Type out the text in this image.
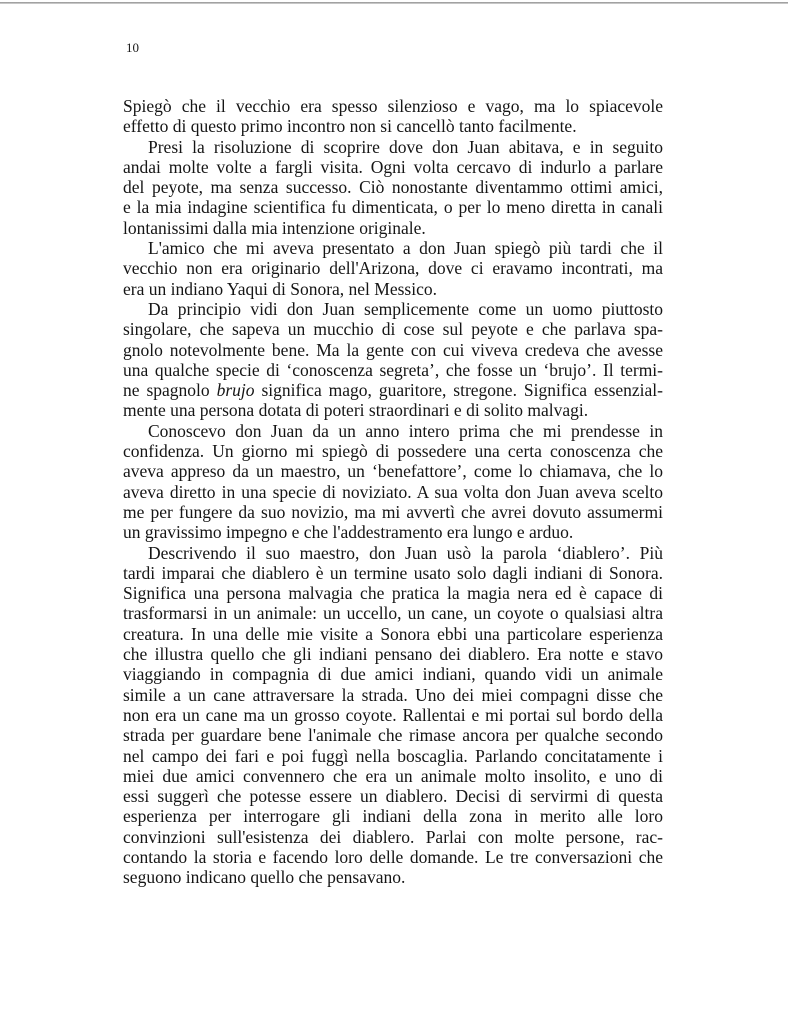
10
Spiegò che il vecchio era spesso silenzioso e vago, ma lo spiacevole
effetto di questo primo incontro non si cancellò tanto facilmente.
Presi la risoluzione di scoprire dove don Juan abitava, e in seguito
andai molte volte a fargli visita. Ogni volta cercavo di indurlo a parlare
del peyote, ma senza successo. Ciò nonostante diventammo ottimi amici,
e la mia indagine scientifica fu dimenticata, o per lo meno diretta in canali
lontanissimi dalla mia intenzione originale.
L'amico che mi aveva presentato a don Juan spiegò più tardi che il
vecchio non era originario dell'Arizona, dove ci eravamo incontrati, ma
era un indiano Yaqui di Sonora, nel Messico.
Da principio vidi don Juan semplicemente come un uomo piuttosto
singolare, che sapeva un mucchio di cose sul peyote e che parlava spa-
gnolo notevolmente bene. Ma la gente con cui viveva credeva che avesse
una qualche specie di ‘conoscenza segreta’, che fosse un ‘brujo’. Il termi-
ne spagnolo brujo significa mago, guaritore, stregone. Significa essenzial-
mente una persona dotata di poteri straordinari e di solito malvagi.
Conoscevo don Juan da un anno intero prima che mi prendesse in
confidenza. Un giorno mi spiegò di possedere una certa conoscenza che
aveva appreso da un maestro, un ‘benefattore’, come lo chiamava, che lo
aveva diretto in una specie di noviziato. A sua volta don Juan aveva scelto
me per fungere da suo novizio, ma mi avvertì che avrei dovuto assumermi
un gravissimo impegno e che l'addestramento era lungo e arduo.
Descrivendo il suo maestro, don Juan usò la parola ‘diablero’. Più
tardi imparai che diablero è un termine usato solo dagli indiani di Sonora.
Significa una persona malvagia che pratica la magia nera ed è capace di
trasformarsi in un animale: un uccello, un cane, un coyote o qualsiasi altra
creatura. In una delle mie visite a Sonora ebbi una particolare esperienza
che illustra quello che gli indiani pensano dei diablero. Era notte e stavo
viaggiando in compagnia di due amici indiani, quando vidi un animale
simile a un cane attraversare la strada. Uno dei miei compagni disse che
non era un cane ma un grosso coyote. Rallentai e mi portai sul bordo della
strada per guardare bene l'animale che rimase ancora per qualche secondo
nel campo dei fari e poi fuggì nella boscaglia. Parlando concitatamente i
miei due amici convennero che era un animale molto insolito, e uno di
essi suggerì che potesse essere un diablero. Decisi di servirmi di questa
esperienza per interrogare gli indiani della zona in merito alle loro
convinzioni sull'esistenza dei diablero. Parlai con molte persone, rac-
contando la storia e facendo loro delle domande. Le tre conversazioni che
seguono indicano quello che pensavano.
